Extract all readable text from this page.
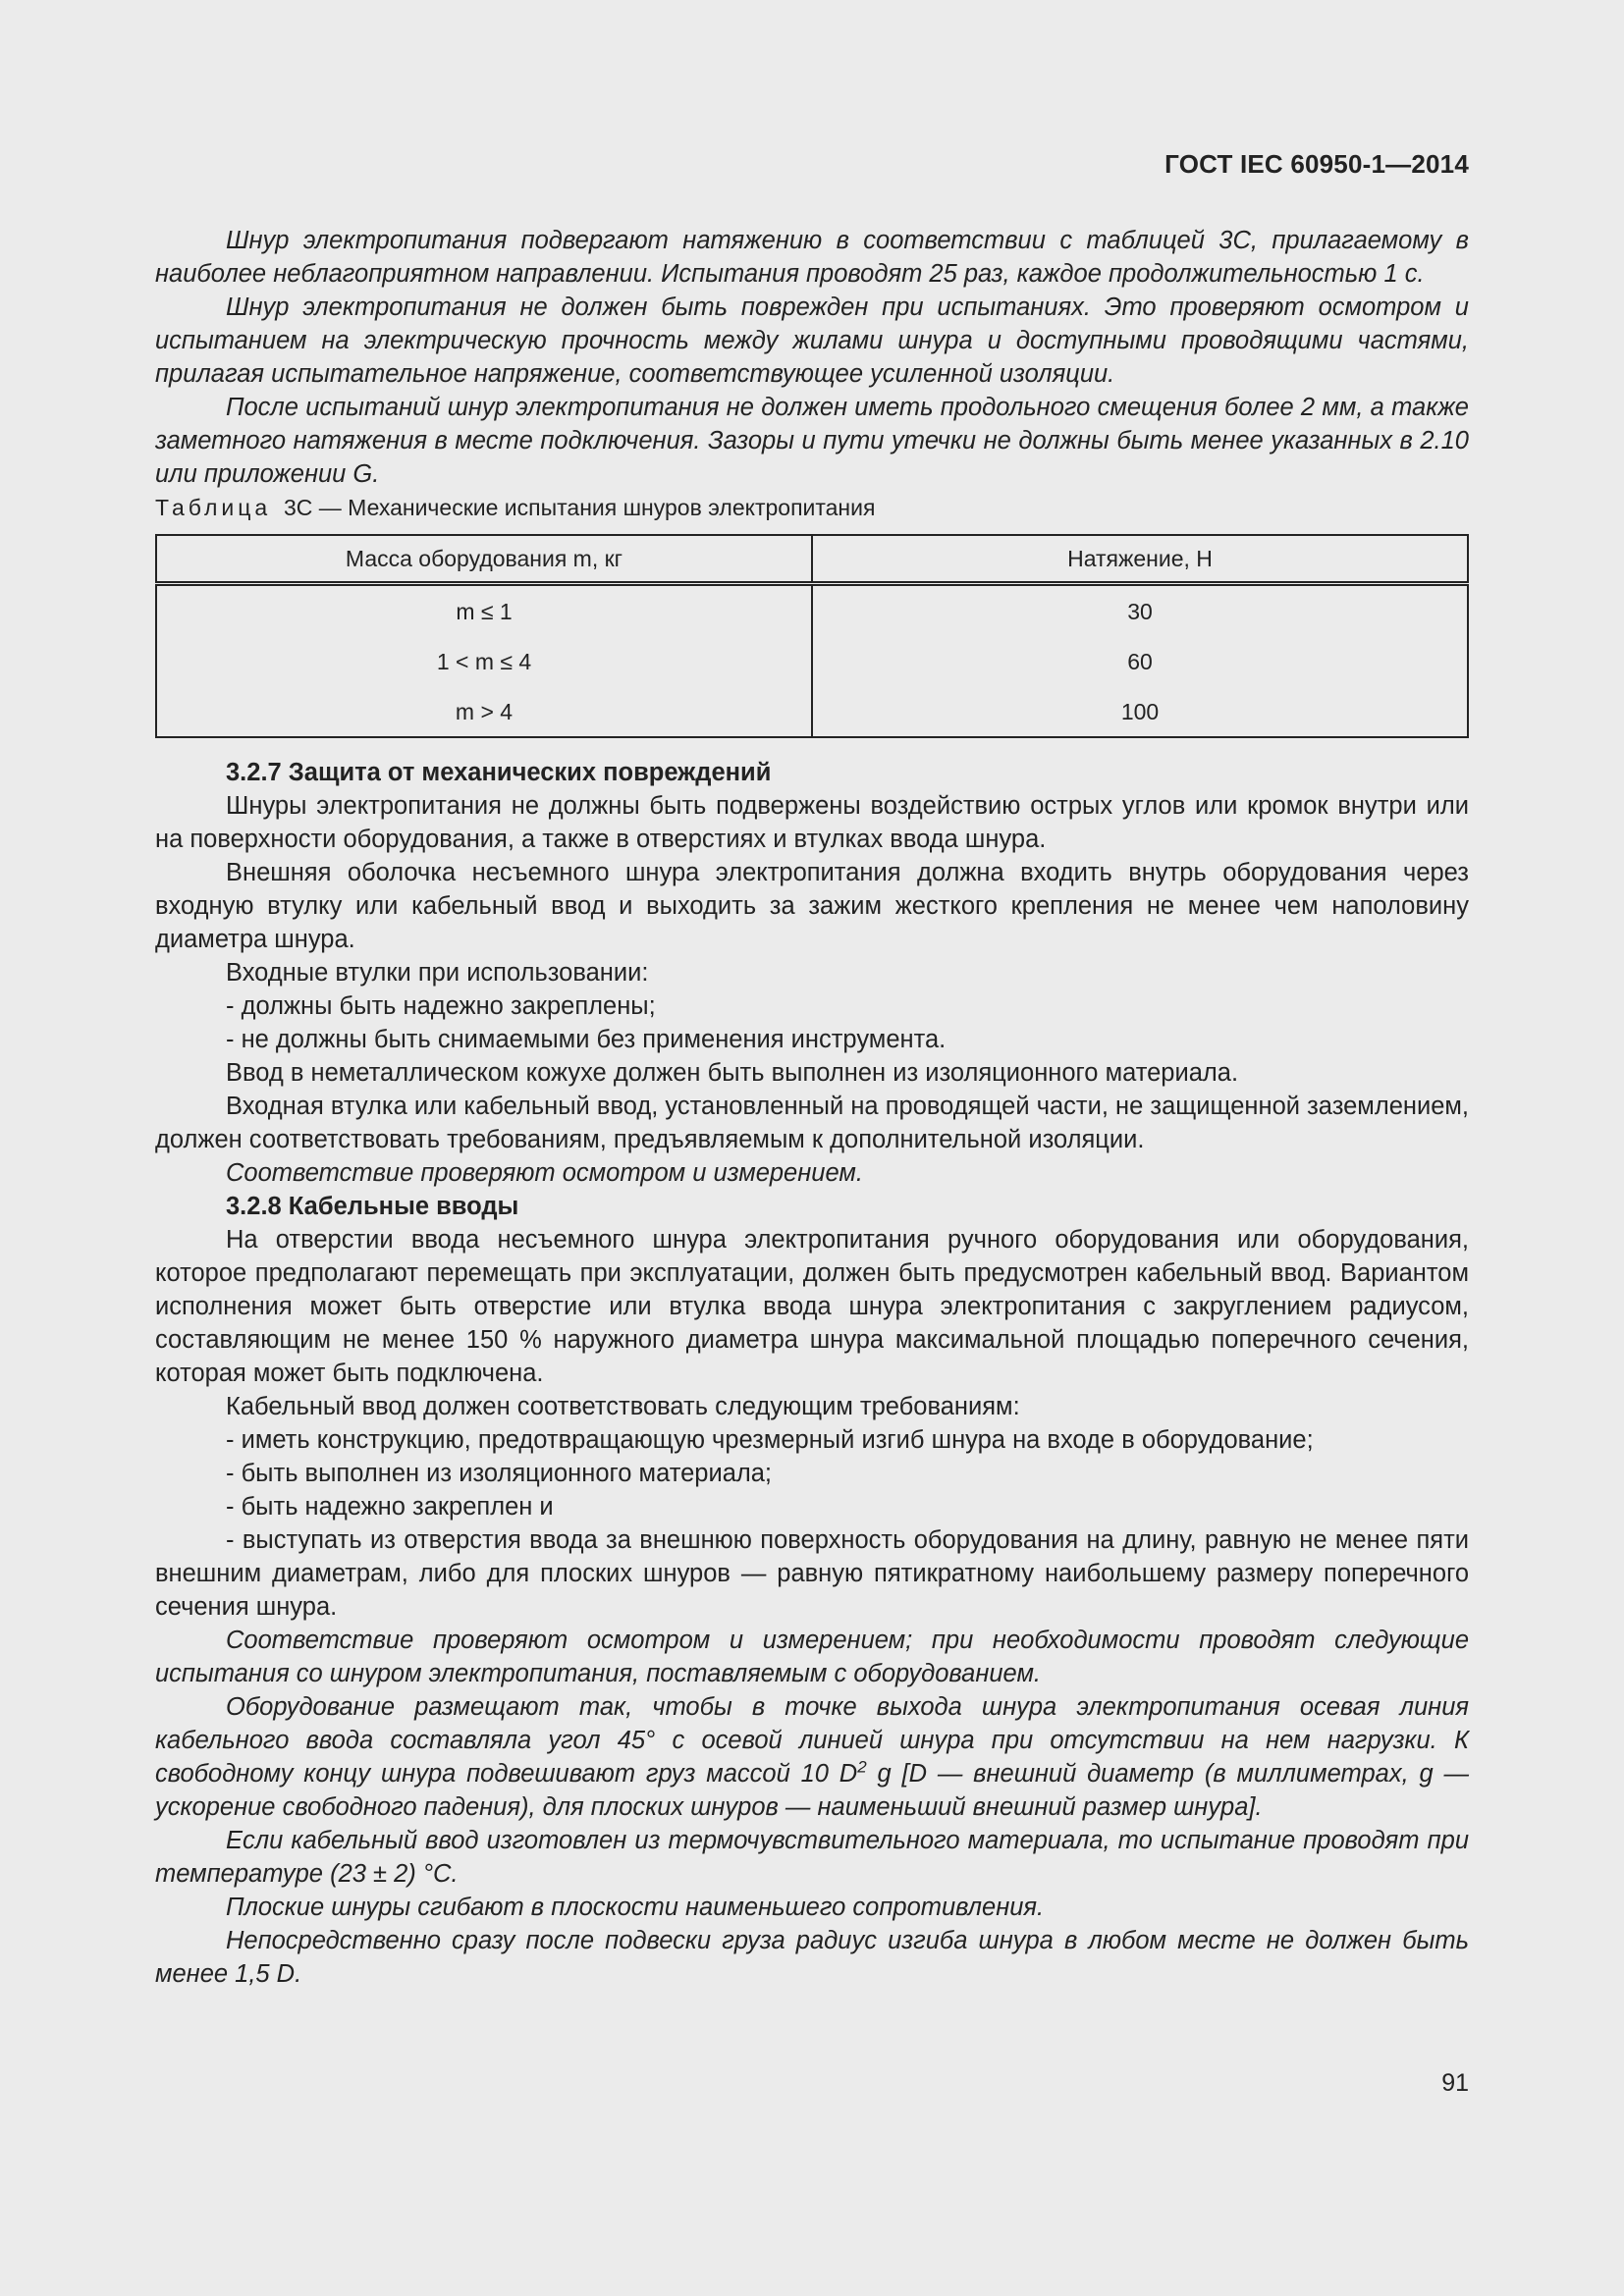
ГОСТ IEC 60950-1—2014

Шнур электропитания подвергают натяжению в соответствии с таблицей 3С, прилагаемому в наиболее неблагоприятном направлении. Испытания проводят 25 раз, каждое продолжительностью 1 с.

Шнур электропитания не должен быть поврежден при испытаниях. Это проверяют осмотром и испытанием на электрическую прочность между жилами шнура и доступными проводящими частями, прилагая испытательное напряжение, соответствующее усиленной изоляции.

После испытаний шнур электропитания не должен иметь продольного смещения более 2 мм, а также заметного натяжения в месте подключения. Зазоры и пути утечки не должны быть менее указанных в 2.10 или приложении G.

Таблица 3С — Механические испытания шнуров электропитания

Масса оборудования m, кг	Натяжение, Н
m ≤ 1	30
1 < m ≤ 4	60
m > 4	100
3.2.7 Защита от механических повреждений

Шнуры электропитания не должны быть подвержены воздействию острых углов или кромок внутри или на поверхности оборудования, а также в отверстиях и втулках ввода шнура.

Внешняя оболочка несъемного шнура электропитания должна входить внутрь оборудования через входную втулку или кабельный ввод и выходить за зажим жесткого крепления не менее чем наполовину диаметра шнура.

Входные втулки при использовании:

- должны быть надежно закреплены;

- не должны быть снимаемыми без применения инструмента.

Ввод в неметаллическом кожухе должен быть выполнен из изоляционного материала.

Входная втулка или кабельный ввод, установленный на проводящей части, не защищенной заземлением, должен соответствовать требованиям, предъявляемым к дополнительной изоляции.

Соответствие проверяют осмотром и измерением.

3.2.8 Кабельные вводы

На отверстии ввода несъемного шнура электропитания ручного оборудования или оборудования, которое предполагают перемещать при эксплуатации, должен быть предусмотрен кабельный ввод. Вариантом исполнения может быть отверстие или втулка ввода шнура электропитания с закруглением радиусом, составляющим не менее 150 % наружного диаметра шнура максимальной площадью поперечного сечения, которая может быть подключена.

Кабельный ввод должен соответствовать следующим требованиям:

- иметь конструкцию, предотвращающую чрезмерный изгиб шнура на входе в оборудование;

- быть выполнен из изоляционного материала;

- быть надежно закреплен и

- выступать из отверстия ввода за внешнюю поверхность оборудования на длину, равную не менее пяти внешним диаметрам, либо для плоских шнуров — равную пятикратному наибольшему размеру поперечного сечения шнура.

Соответствие проверяют осмотром и измерением; при необходимости проводят следующие испытания со шнуром электропитания, поставляемым с оборудованием.

Оборудование размещают так, чтобы в точке выхода шнура электропитания осевая линия кабельного ввода составляла угол 45° с осевой линией шнура при отсутствии на нем нагрузки. К свободному концу шнура подвешивают груз массой 10 $D^2$ g [D — внешний диаметр (в миллиметрах, g — ускорение свободного падения), для плоских шнуров — наименьший внешний размер шнура].

Если кабельный ввод изготовлен из термочувствительного материала, то испытание проводят при температуре (23 ± 2) °С.

Плоские шнуры сгибают в плоскости наименьшего сопротивления.

Непосредственно сразу после подвески груза радиус изгиба шнура в любом месте не должен быть менее 1,5 D.

91
